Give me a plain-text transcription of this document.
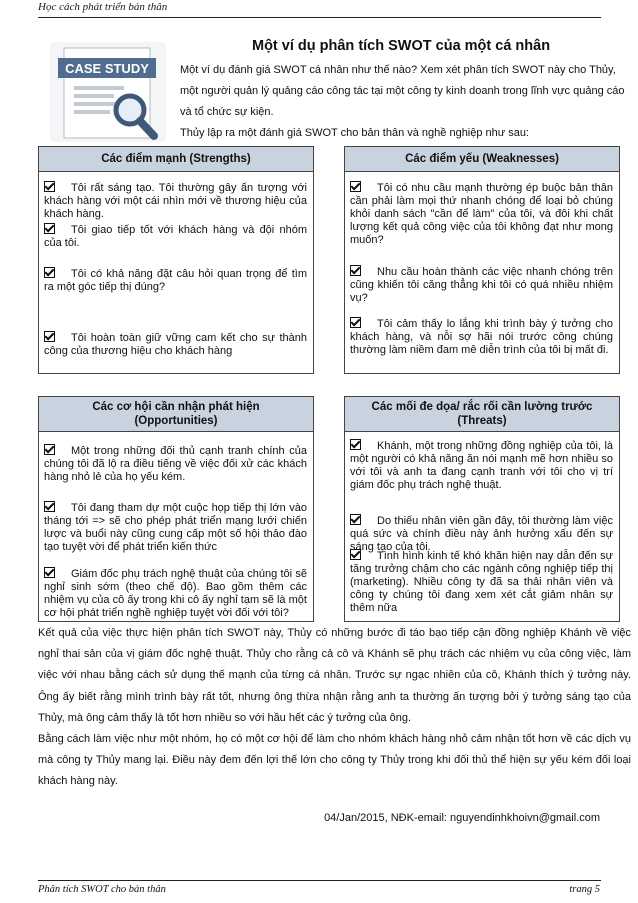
Học cách phát triển bản thân
CASE STUDY
Một ví dụ phân tích SWOT của một cá nhân

Một ví dụ đánh giá SWOT cá nhân như thế nào? Xem xét phân tích SWOT này cho Thủy, một người quản lý quảng cáo công tác tại một công ty kinh doanh trong lĩnh vực quảng cáo và tổ chức sự kiện.

Thủy lập ra một đánh giá SWOT cho bản thân và nghề nghiệp như sau:

Các điểm mạnh (Strengths)
Tôi rất sáng tạo. Tôi thường gây ấn tượng với khách hàng với một cái nhìn mới về thương hiệu của khách hàng.
Tôi giao tiếp tốt với khách hàng và đội nhóm của tôi.
Tôi có khả năng đặt câu hỏi quan trọng để tìm ra một góc tiếp thị đúng?
Tôi hoàn toàn giữ vững cam kết cho sự thành công của thương hiệu cho khách hàng
Các điểm yếu (Weaknesses)
Tôi có nhu cầu mạnh thường ép buộc bản thân cần phải làm mọi thứ nhanh chóng để loại bỏ chúng khỏi danh sách "cần để làm" của tôi, và đôi khi chất lượng kết quả công việc của tôi không đạt như mong muốn?
Nhu cầu hoàn thành các việc nhanh chóng trên cũng khiến tôi căng thẳng khi tôi có quá nhiều nhiệm vụ?
Tôi cảm thấy lo lắng khi trình bày ý tưởng cho khách hàng, và nỗi sợ hãi nói trước công chúng thường làm niềm đam mê diễn trình của tôi bị mất đi.
Các cơ hội cần nhận phát hiện
(Opportunities)
Một trong những đối thủ cạnh tranh chính của chúng tôi đã lộ ra điều tiếng về việc đối xử các khách hàng nhỏ lẻ của họ yếu kém.
Tôi đang tham dự một cuộc họp tiếp thị lớn vào tháng tới => sẽ cho phép phát triển mạng lưới chiến lược và buổi này cũng cung cấp một số hội thảo đào tạo tuyệt vời để phát triển kiến thức
Giám đốc phụ trách nghệ thuật của chúng tôi sẽ nghỉ sinh sớm (theo chế độ). Bao gồm thêm các nhiệm vụ của cô ấy trong khi cô ấy nghỉ tạm sẽ là một cơ hội phát triển nghề nghiệp tuyệt vời đối với tôi?
Các mối đe dọa/ rắc rối cần lường trước
(Threats)
Khánh, một trong những đồng nghiệp của tôi, là một người có khả năng ăn nói mạnh mẽ hơn nhiều so với tôi và anh ta đang cạnh tranh với tôi cho vị trí giám đốc phụ trách nghệ thuật.
Do thiếu nhân viên gần đây, tôi thường làm việc quá sức và chính điều này ảnh hưởng xấu đến sự sáng tạo của tôi.
Tình hình kinh tế khó khăn hiện nay dẫn đến sự tăng trưởng chậm cho các ngành công nghiệp tiếp thị (marketing). Nhiều công ty đã sa thải nhân viên và công ty chúng tôi đang xem xét cắt giảm nhân sự thêm nữa

Kết quả của việc thực hiện phân tích SWOT này, Thủy có những bước đi táo bạo tiếp cận đồng nghiệp Khánh về việc nghỉ thai sản của vị giám đốc nghệ thuật. Thủy cho rằng cả cô và Khánh sẽ phụ trách các nhiệm vụ của công việc, làm việc với nhau bằng cách sử dụng thế mạnh của từng cá nhân. Trước sự ngạc nhiên của cô, Khánh thích ý tưởng này. Ông ấy biết rằng mình trình bày rất tốt, nhưng ông thừa nhận rằng anh ta thường ấn tượng bởi ý tưởng sáng tạo của Thủy, mà ông cảm thấy là tốt hơn nhiều so với hầu hết các ý tưởng của ông.

Bằng cách làm việc như một nhóm, họ có một cơ hội để làm cho nhóm khách hàng nhỏ cảm nhận tốt hơn về các dịch vụ mà công ty Thủy mang lại. Điều này đem đến lợi thế lớn cho công ty Thủy trong khi đối thủ thể hiện sự yếu kém đối loại khách hàng này.

04/Jan/2015, NĐK-email: nguyendinhkhoivn@gmail.com
Phân tích SWOT cho bản thân	trang 5
